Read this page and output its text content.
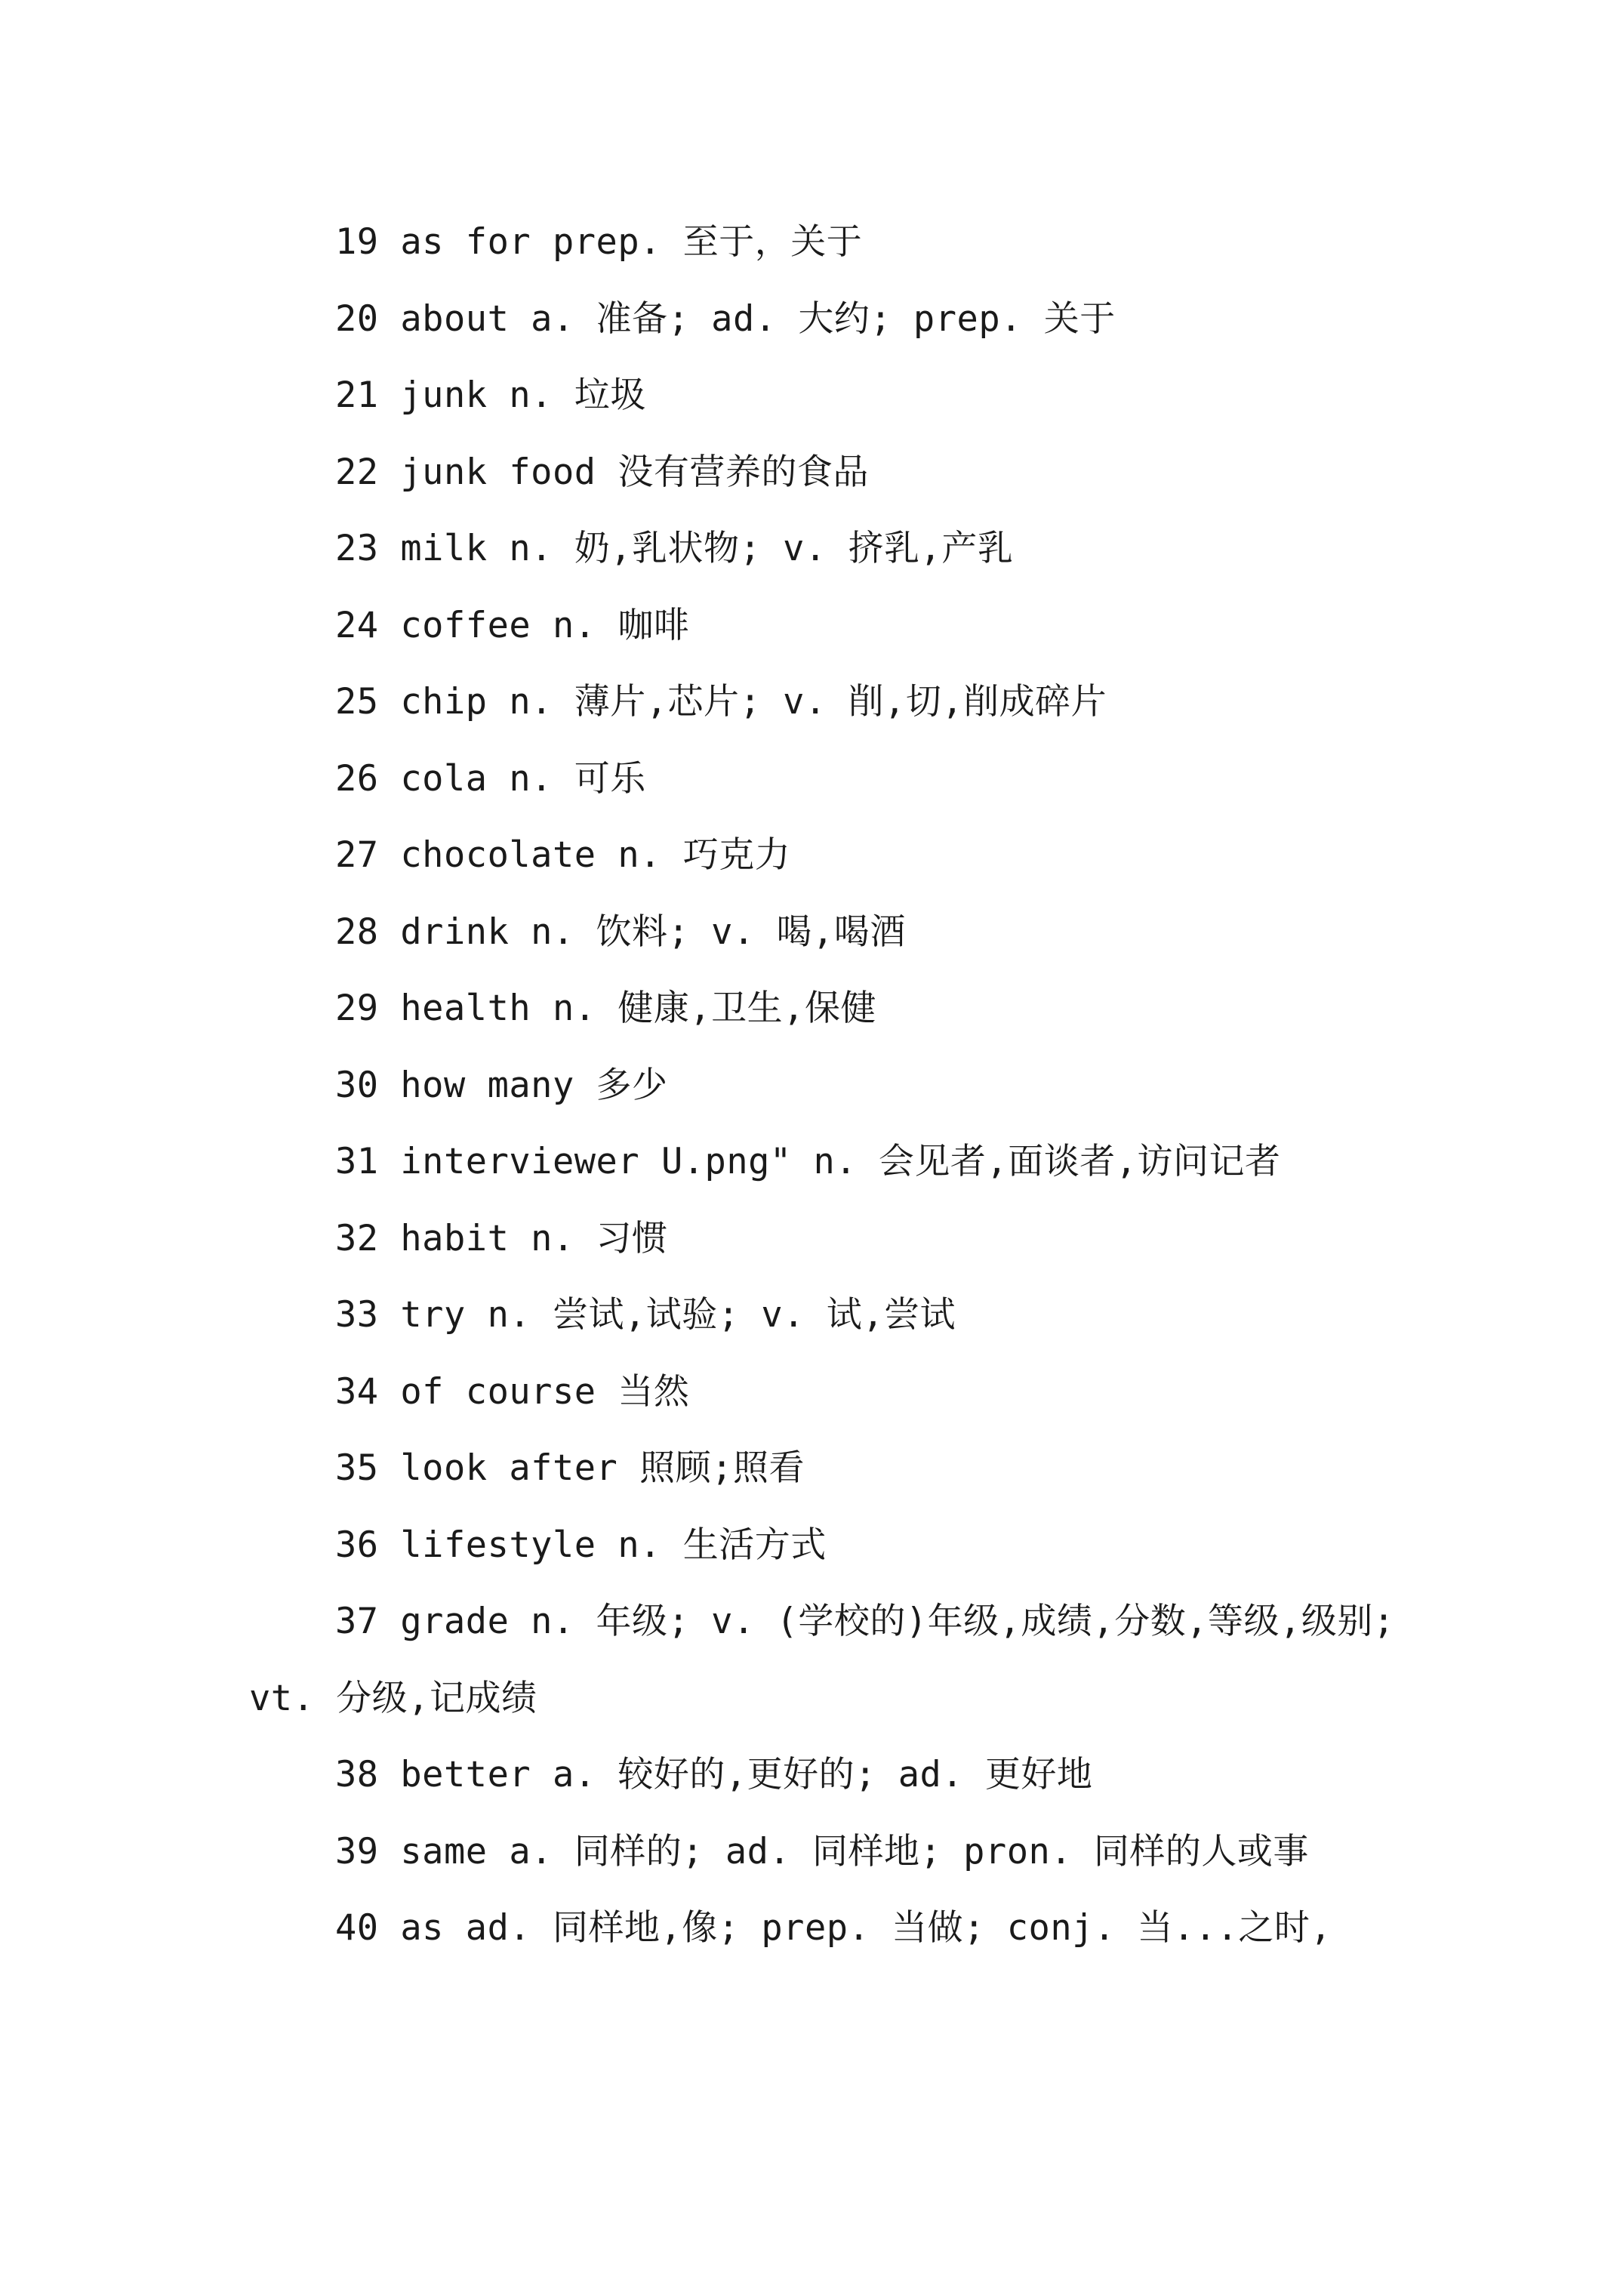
19 as for prep. 至于，关于

20 about a. 准备; ad. 大约; prep. 关于

21 junk n. 垃圾

22 junk food 没有营养的食品

23 milk n. 奶,乳状物; v. 挤乳,产乳

24 coffee n. 咖啡

25 chip n. 薄片,芯片; v. 削,切,削成碎片

26 cola n. 可乐

27 chocolate n. 巧克力

28 drink n. 饮料; v. 喝,喝酒

29 health n. 健康,卫生,保健

30 how many 多少

31 interviewer U.png" n. 会见者,面谈者,访问记者

32 habit n. 习惯

33 try n. 尝试,试验; v. 试,尝试

34 of course 当然

35 look after 照顾;照看

36 lifestyle n. 生活方式

37 grade n. 年级; v. (学校的)年级,成绩,分数,等级,级别; vt. 分级,记成绩

38 better a. 较好的,更好的; ad. 更好地

39 same a. 同样的; ad. 同样地; pron. 同样的人或事

40 as ad. 同样地,像; prep. 当做; conj. 当...之时,
